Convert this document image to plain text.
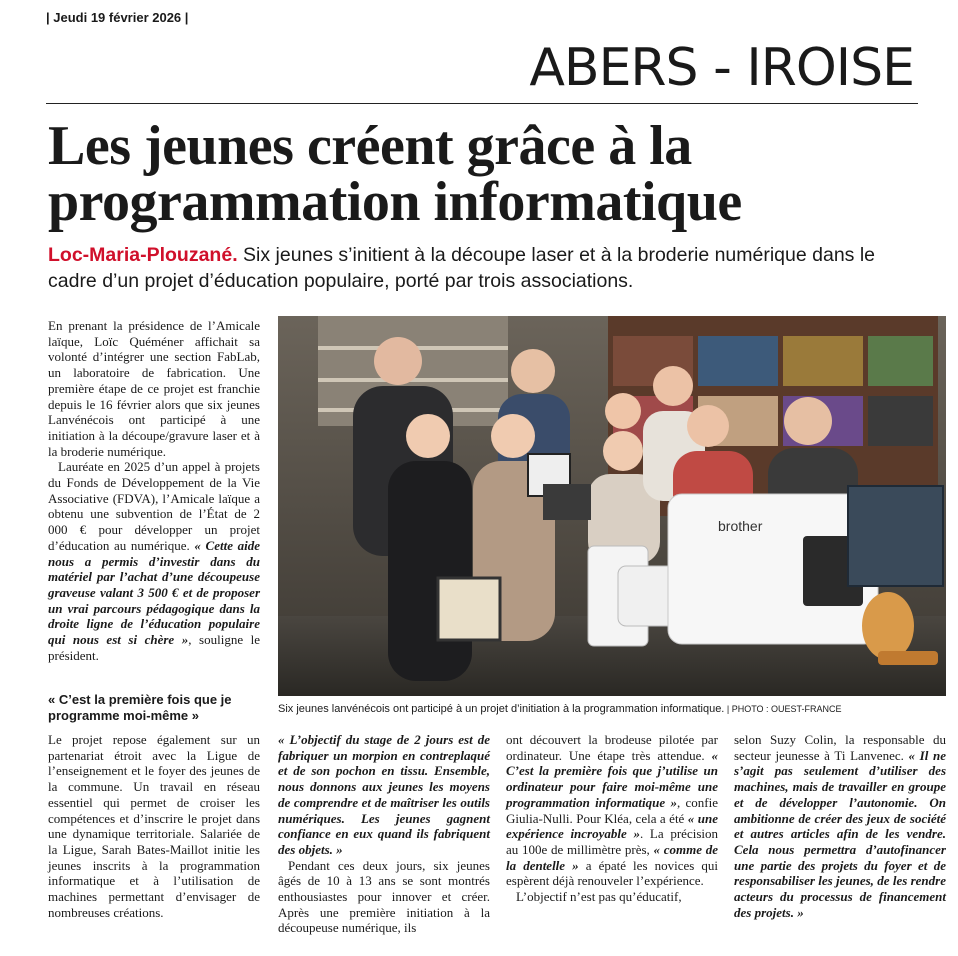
| Jeudi 19 février 2026 |
ABERS - IROISE
Les jeunes créent grâce à la
programmation informatique
Loc-Maria-Plouzané. Six jeunes s’initient à la découpe laser et à la broderie numérique dans le cadre d’un projet d’éducation populaire, porté par trois associations.

En prenant la présidence de l’Amicale laïque, Loïc Quéméner affichait sa volonté d’intégrer une section FabLab, un laboratoire de fabrication. Une première étape de ce projet est franchie depuis le 16 février alors que six jeunes Lanvénécois ont participé à une initiation à la découpe/gravure laser et à la broderie numérique.

Lauréate en 2025 d’un appel à projets du Fonds de Développement de la Vie Associative (FDVA), l’Amicale laïque a obtenu une subvention de l’État de 2 000 € pour développer un projet d’éducation au numérique. « Cette aide nous a permis d’investir dans du matériel par l’achat d’une découpeuse graveuse valant 3 500 € et de proposer un vrai parcours pédagogique dans la droite ligne de l’éducation populaire qui nous est si chère », souligne le président.

« C’est la première fois que je programme moi-même »

Le projet repose également sur un partenariat étroit avec la Ligue de l’enseignement et le foyer des jeunes de la commune. Un travail en réseau essentiel qui permet de croiser les compétences et d’inscrire le projet dans une dynamique territoriale. Salariée de la Ligue, Sarah Bates-Maillot initie les jeunes inscrits à la programmation informatique et à l’utilisation de machines permettant d’envisager de nombreuses créations.

« L’objectif du stage de 2 jours est de fabriquer un morpion en contreplaqué et de son pochon en tissu. Ensemble, nous donnons aux jeunes les moyens de comprendre et de maîtriser les outils numériques. Les jeunes gagnent confiance en eux quand ils fabriquent des objets. »

Pendant ces deux jours, six jeunes âgés de 10 à 13 ans se sont montrés enthousiastes pour innover et créer. Après une première initiation à la découpeuse numérique, ils

ont découvert la brodeuse pilotée par ordinateur. Une étape très attendue. « C’est la première fois que j’utilise un ordinateur pour faire moi-même une programmation informatique », confie Giulia-Nulli. Pour Kléa, cela a été « une expérience incroyable ». La précision au 100e de millimètre près, « comme de la dentelle » a épaté les novices qui espèrent déjà renouveler l’expérience.

L’objectif n’est pas qu’éducatif,

selon Suzy Colin, la responsable du secteur jeunesse à Ti Lanvenec. « Il ne s’agit pas seulement d’utiliser des machines, mais de travailler en groupe et de développer l’autonomie. On ambitionne de créer des jeux de société et autres articles afin de les vendre. Cela nous permettra d’autofinancer une partie des projets du foyer et de responsabiliser les jeunes, de les rendre acteurs du processus de financement des projets. »

brother
Six jeunes lanvénécois ont participé à un projet d’initiation à la programmation informatique. | PHOTO : OUEST-FRANCE
